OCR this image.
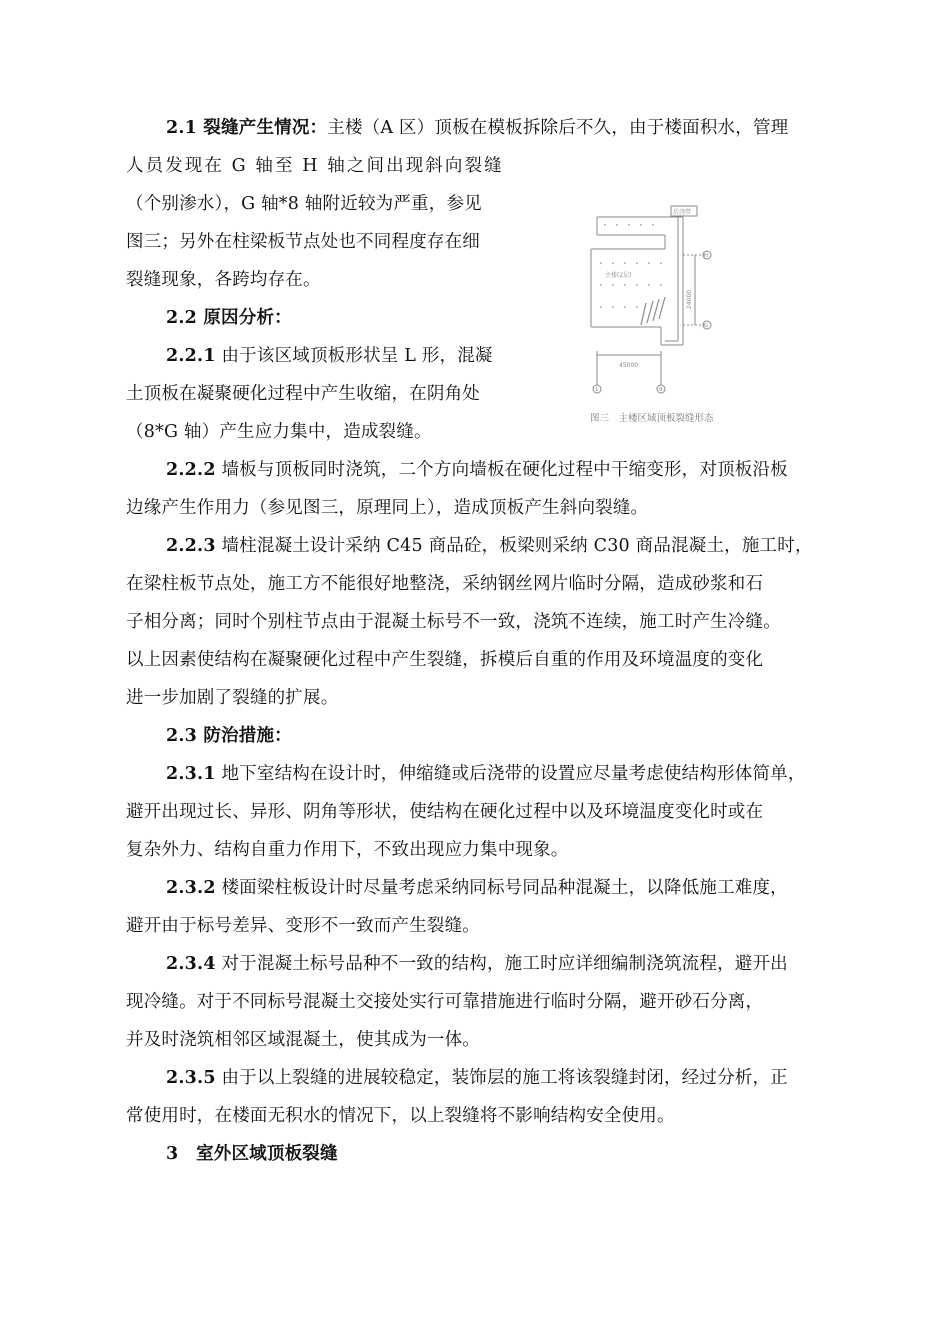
2.1 裂缝产生情况：主楼（A 区）顶板在模板拆除后不久，由于楼面积水，管理
人员发现在 G 轴至 H 轴之间出现斜向裂缝
（个别渗水），G 轴*8 轴附近较为严重，参见
图三；另外在柱梁板节点处也不同程度存在细
裂缝现象，各跨均存在。
2.2 原因分析：
2.2.1 由于该区域顶板形状呈 L 形，混凝
土顶板在凝聚硬化过程中产生收缩，在阴角处
（8*G 轴）产生应力集中，造成裂缝。
2.2.2 墙板与顶板同时浇筑，二个方向墙板在硬化过程中干缩变形，对顶板沿板
边缘产生作用力（参见图三，原理同上），造成顶板产生斜向裂缝。
2.2.3 墙柱混凝土设计采纳 C45 商品砼，板梁则采纳 C30 商品混凝土，施工时，
在梁柱板节点处，施工方不能很好地整浇，采纳钢丝网片临时分隔，造成砂浆和石
子相分离；同时个别柱节点由于混凝土标号不一致，浇筑不连续，施工时产生冷缝。
以上因素使结构在凝聚硬化过程中产生裂缝，拆模后自重的作用及环境温度的变化
进一步加剧了裂缝的扩展。
2.3 防治措施：
2.3.1 地下室结构在设计时，伸缩缝或后浇带的设置应尽量考虑使结构形体简单，
避开出现过长、异形、阴角等形状，使结构在硬化过程中以及环境温度变化时或在
复杂外力、结构自重力作用下，不致出现应力集中现象。
2.3.2 楼面梁柱板设计时尽量考虑采纳同标号同品种混凝土，以降低施工难度，
避开由于标号差异、变形不一致而产生裂缝。
2.3.4 对于混凝土标号品种不一致的结构，施工时应详细编制浇筑流程，避开出
现冷缝。对于不同标号混凝土交接处实行可靠措施进行临时分隔，避开砂石分离，
并及时浇筑相邻区域混凝土，使其成为一体。
2.3.5 由于以上裂缝的进展较稳定，装饰层的施工将该裂缝封闭，经过分析，正
常使用时，在楼面无积水的情况下，以上裂缝将不影响结构安全使用。
3　室外区域顶板裂缝
后浇带
主楼(2层)
24000
45000
H
G
1	8
图三　主楼区域顶板裂缝形态
